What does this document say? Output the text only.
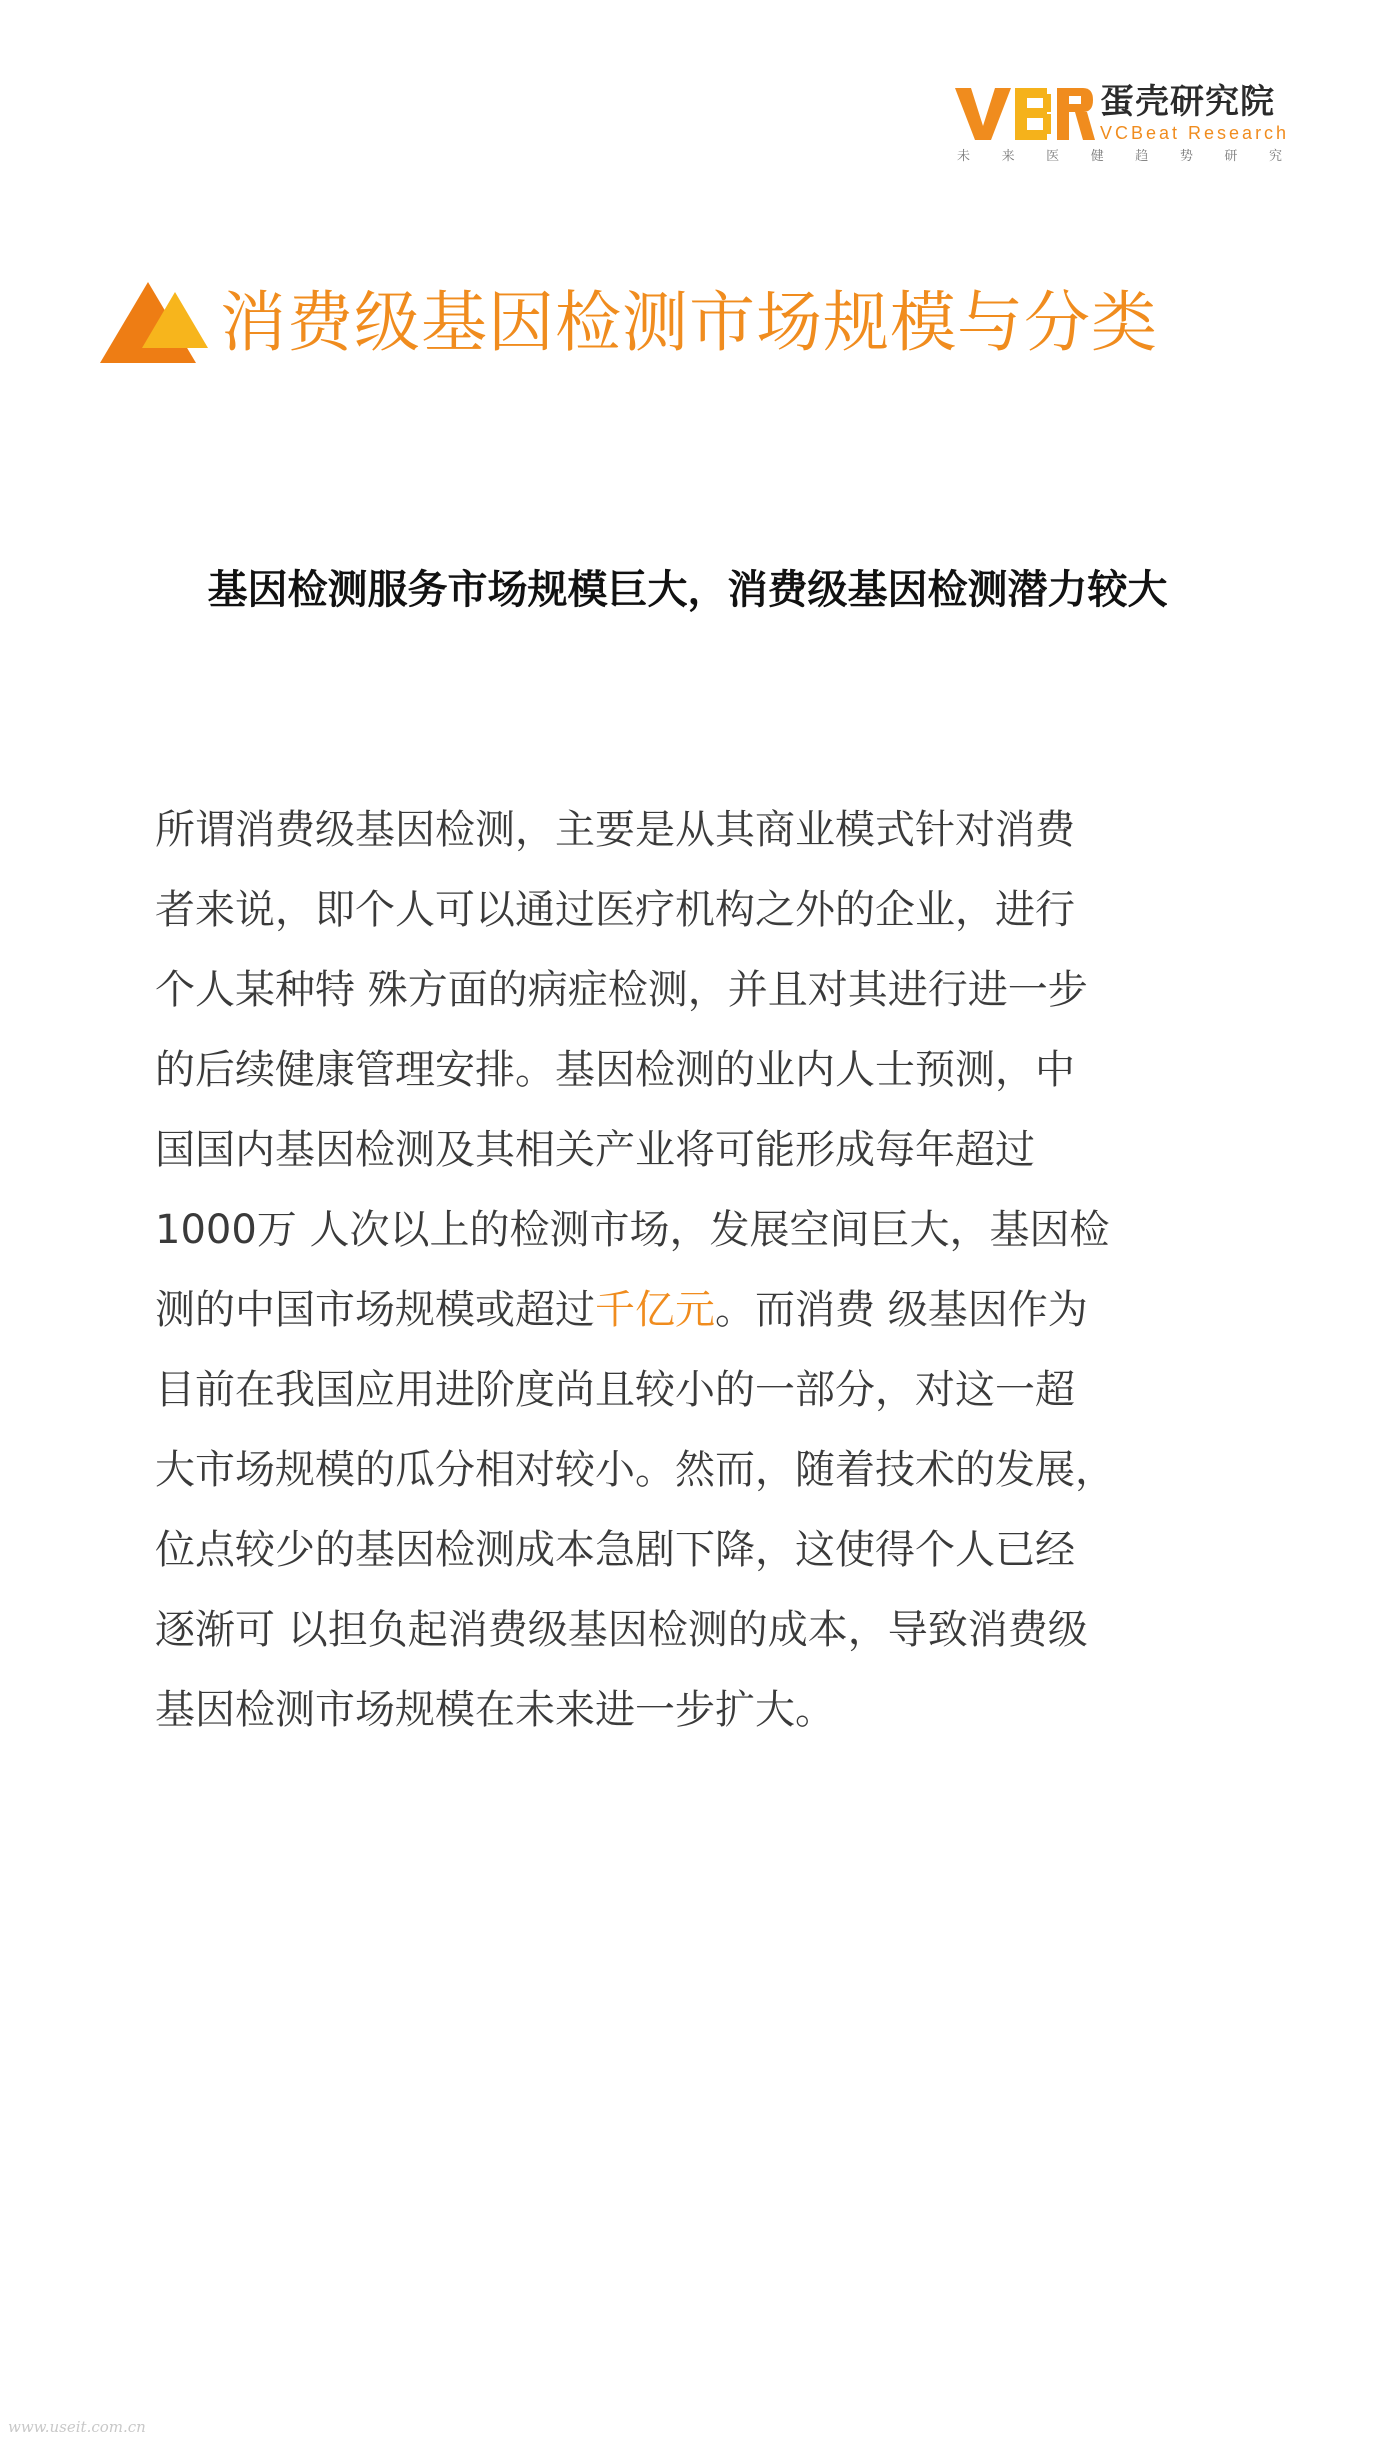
蛋壳研究院
VCBeat Research
未 来 医 健 趋 势 研 究
消费级基因检测市场规模与分类
基因检测服务市场规模巨大，消费级基因检测潜力较大
所谓消费级基因检测，主要是从其商业模式针对消费
者来说，即个人可以通过医疗机构之外的企业，进行
个人某种特 殊方面的病症检测，并且对其进行进一步
的后续健康管理安排。基因检测的业内人士预测，中
国国内基因检测及其相关产业将可能形成每年超过
1000万 人次以上的检测市场，发展空间巨大，基因检
测的中国市场规模或超过千亿元。而消费 级基因作为
目前在我国应用进阶度尚且较小的一部分，对这一超
大市场规模的瓜分相对较小。然而，随着技术的发展，
位点较少的基因检测成本急剧下降，这使得个人已经
逐渐可 以担负起消费级基因检测的成本，导致消费级
基因检测市场规模在未来进一步扩大。
www.useit.com.cn
